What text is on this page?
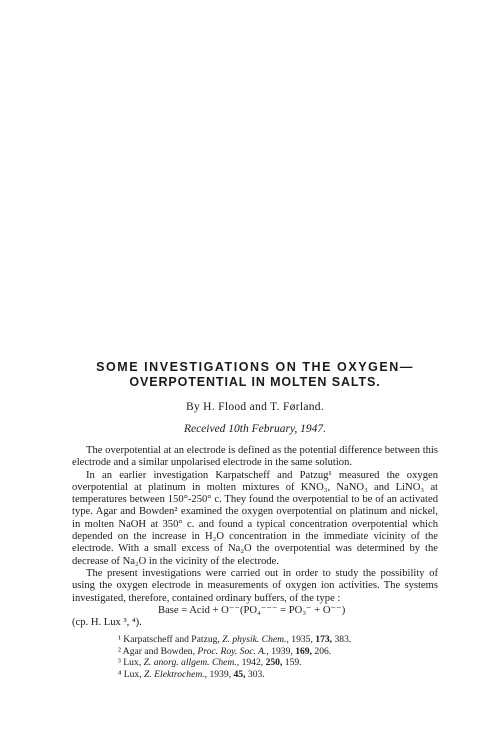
SOME INVESTIGATIONS ON THE OXYGEN—
OVERPOTENTIAL IN MOLTEN SALTS.
By H. Flood and T. Førland.
Received 10th February, 1947.

The overpotential at an electrode is defined as the potential difference between this electrode and a similar unpolarised electrode in the same solution.

In an earlier investigation Karpatscheff and Patzug¹ measured the oxygen overpotential at platinum in molten mixtures of KNO₃, NaNO₃ and LiNO₃ at temperatures between 150°-250° c. They found the overpotential to be of an activated type. Agar and Bowden² examined the oxygen overpotential on platinum and nickel, in molten NaOH at 350° c. and found a typical concentration overpotential which depended on the increase in H₂O concentration in the immediate vicinity of the electrode. With a small excess of Na₂O the overpotential was determined by the decrease of Na₂O in the vicinity of the electrode.

The present investigations were carried out in order to study the possibility of using the oxygen electrode in measurements of oxygen ion activities. The systems investigated, therefore, contained ordinary buffers, of the type :

Base = Acid + O⁻⁻(PO₄⁻⁻⁻ = PO₃⁻ + O⁻⁻)
(cp. H. Lux ³, ⁴).
¹ Karpatscheff and Patzug, Z. physik. Chem., 1935, 173, 383.
² Agar and Bowden, Proc. Roy. Soc. A., 1939, 169, 206.
³ Lux, Z. anorg. allgem. Chem., 1942, 250, 159.
⁴ Lux, Z. Elektrochem., 1939, 45, 303.
